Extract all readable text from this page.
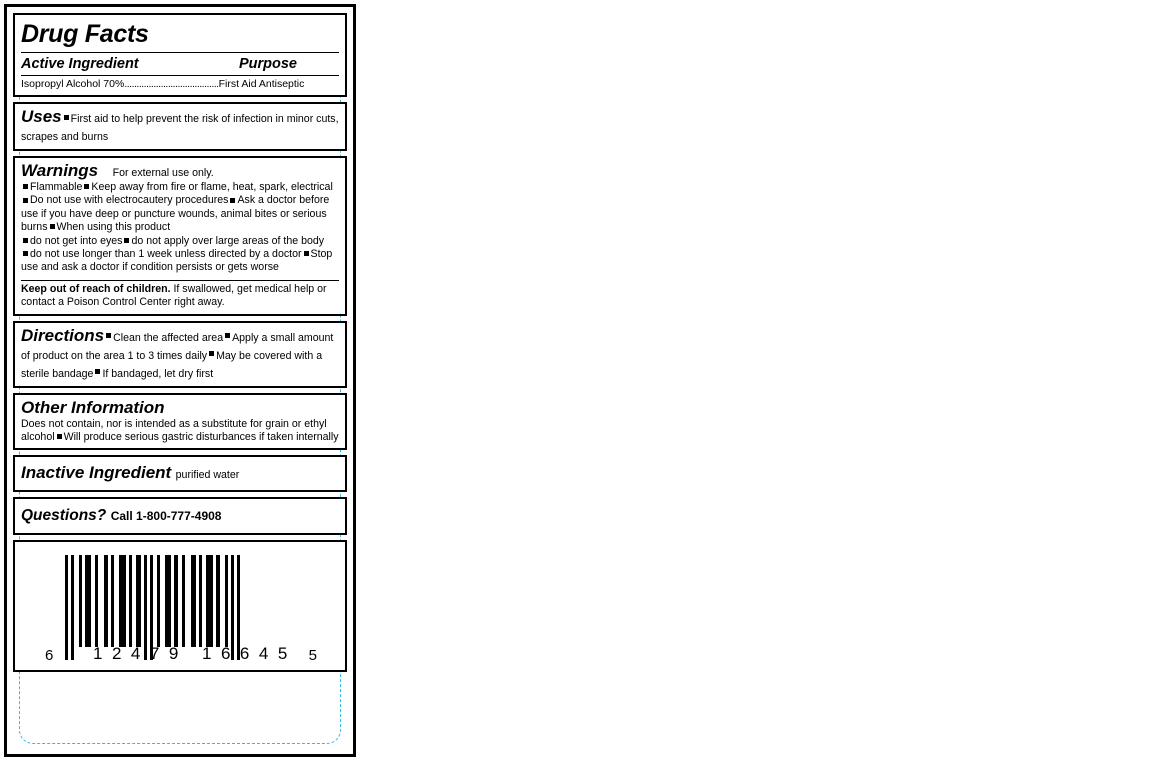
Drug Facts
Active Ingredient	Purpose
Isopropyl Alcohol 70%.......................................First Aid Antiseptic
Uses First aid to help prevent the risk of infection in minor cuts, scrapes and burns
Warnings For external use only.
Flammable Keep away from fire or flame, heat, spark, electricalDo not use with electrocautery procedures Ask a doctor before use if you have deep or puncture wounds, animal bites or serious burns When using this product
do not get into eyes do not apply over large areas of the body
do not use longer than 1 week unless directed by a doctor Stop use and ask a doctor if condition persists or gets worse
Keep out of reach of children. If swallowed, get medical help or contact a Poison Control Center right away.
Directions Clean the affected area Apply a small amount of product on the area 1 to 3 times daily May be covered with a sterile bandage If bandaged, let dry first
Other Information
Does not contain, nor is intended as a substitute for grain or ethyl alcohol Will produce serious gastric disturbances if taken internally
Inactive Ingredient purified water
Questions? Call 1-800-777-4908
6 12479 16645 5
